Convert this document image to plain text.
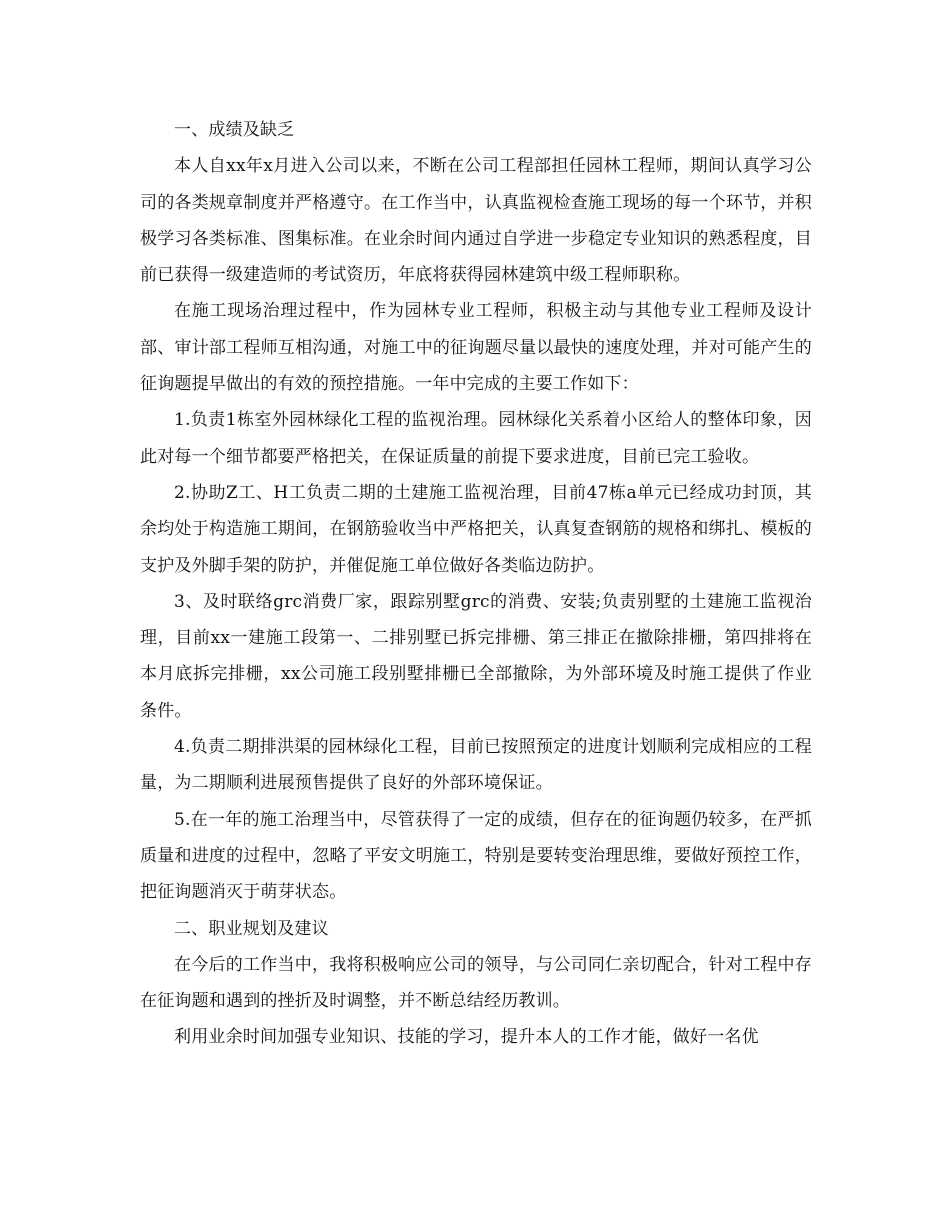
一、成绩及缺乏

本人自xx年x月进入公司以来，不断在公司工程部担任园林工程师，期间认真学习公司的各类规章制度并严格遵守。在工作当中，认真监视检查施工现场的每一个环节，并积极学习各类标准、图集标准。在业余时间内通过自学进一步稳定专业知识的熟悉程度，目前已获得一级建造师的考试资历，年底将获得园林建筑中级工程师职称。

在施工现场治理过程中，作为园林专业工程师，积极主动与其他专业工程师及设计部、审计部工程师互相沟通，对施工中的征询题尽量以最快的速度处理，并对可能产生的征询题提早做出的有效的预控措施。一年中完成的主要工作如下：

1.负责1栋室外园林绿化工程的监视治理。园林绿化关系着小区给人的整体印象，因此对每一个细节都要严格把关，在保证质量的前提下要求进度，目前已完工验收。

2.协助Z工、H工负责二期的土建施工监视治理，目前47栋a单元已经成功封顶，其余均处于构造施工期间，在钢筋验收当中严格把关，认真复查钢筋的规格和绑扎、模板的支护及外脚手架的防护，并催促施工单位做好各类临边防护。

3、及时联络grc消费厂家，跟踪别墅grc的消费、安装;负责别墅的土建施工监视治理，目前xx一建施工段第一、二排别墅已拆完排栅、第三排正在撤除排栅，第四排将在本月底拆完排栅，xx公司施工段别墅排栅已全部撤除，为外部环境及时施工提供了作业条件。

4.负责二期排洪渠的园林绿化工程，目前已按照预定的进度计划顺利完成相应的工程量，为二期顺利进展预售提供了良好的外部环境保证。

5.在一年的施工治理当中，尽管获得了一定的成绩，但存在的征询题仍较多，在严抓质量和进度的过程中，忽略了平安文明施工，特别是要转变治理思维，要做好预控工作，把征询题消灭于萌芽状态。

二、职业规划及建议

在今后的工作当中，我将积极响应公司的领导，与公司同仁亲切配合，针对工程中存在征询题和遇到的挫折及时调整，并不断总结经历教训。

利用业余时间加强专业知识、技能的学习，提升本人的工作才能，做好一名优
